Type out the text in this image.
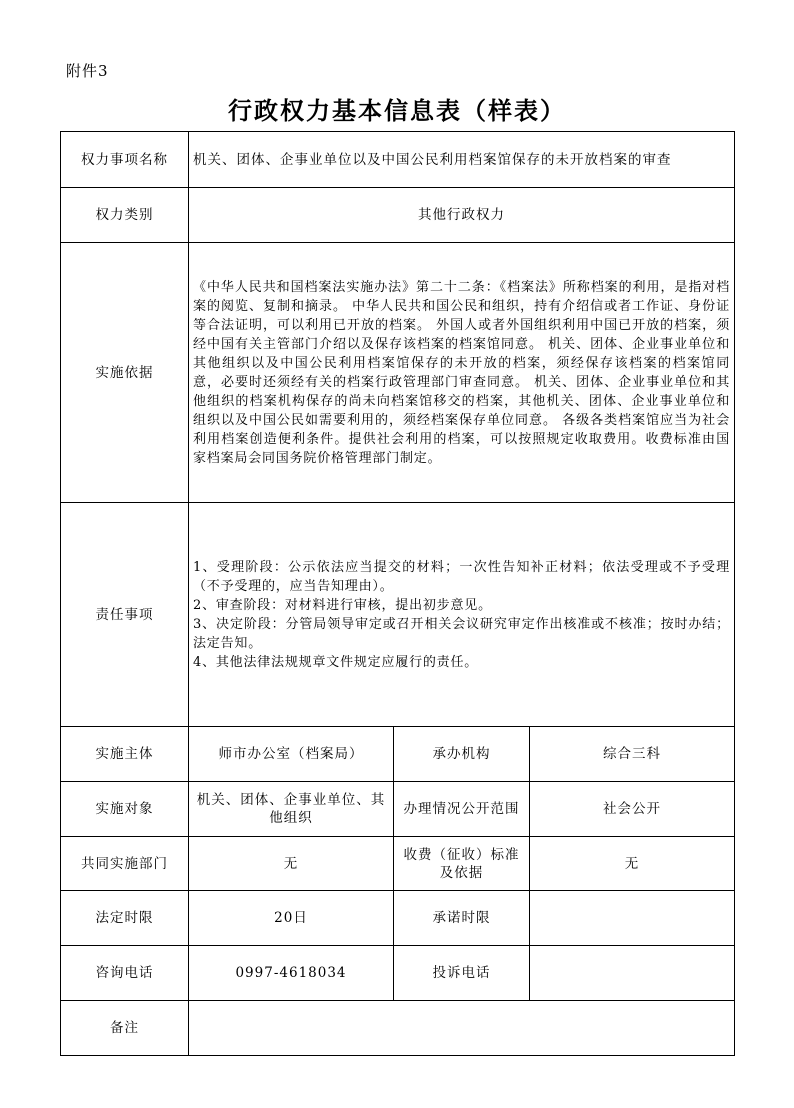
附件3
行政权力基本信息表（样表）
权力事项名称	机关、团体、企事业单位以及中国公民利用档案馆保存的未开放档案的审查		
权力类别	其他行政权力		
实施依据	《中华人民共和国档案法实施办法》第二十二条：《档案法》所称档案的利用，是指对档案的阅览、复制和摘录。 中华人民共和国公民和组织，持有介绍信或者工作证、身份证等合法证明，可以利用已开放的档案。 外国人或者外国组织利用中国已开放的档案，须经中国有关主管部门介绍以及保存该档案的档案馆同意。 机关、团体、企业事业单位和其他组织以及中国公民利用档案馆保存的未开放的档案，须经保存该档案的档案馆同意，必要时还须经有关的档案行政管理部门审查同意。 机关、团体、企业事业单位和其他组织的档案机构保存的尚未向档案馆移交的档案，其他机关、团体、企业事业单位和组织以及中国公民如需要利用的，须经档案保存单位同意。 各级各类档案馆应当为社会利用档案创造便利条件。提供社会利用的档案，可以按照规定收取费用。收费标准由国家档案局会同国务院价格管理部门制定。		
责任事项	1、受理阶段：公示依法应当提交的材料；一次性告知补正材料；依法受理或不予受理（不予受理的，应当告知理由）。
2、审查阶段：对材料进行审核，提出初步意见。
3、决定阶段：分管局领导审定或召开相关会议研究审定作出核准或不核准；按时办结；法定告知。
4、其他法律法规规章文件规定应履行的责任。		

实施主体	师市办公室（档案局）	承办机构	综合三科
实施对象	机关、团体、企事业单位、其他组织	办理情况公开范围	社会公开
共同实施部门	无	收费（征收）标准及依据	无
法定时限	20日	承诺时限	
咨询电话	0997-4618034	投诉电话	
备注			
